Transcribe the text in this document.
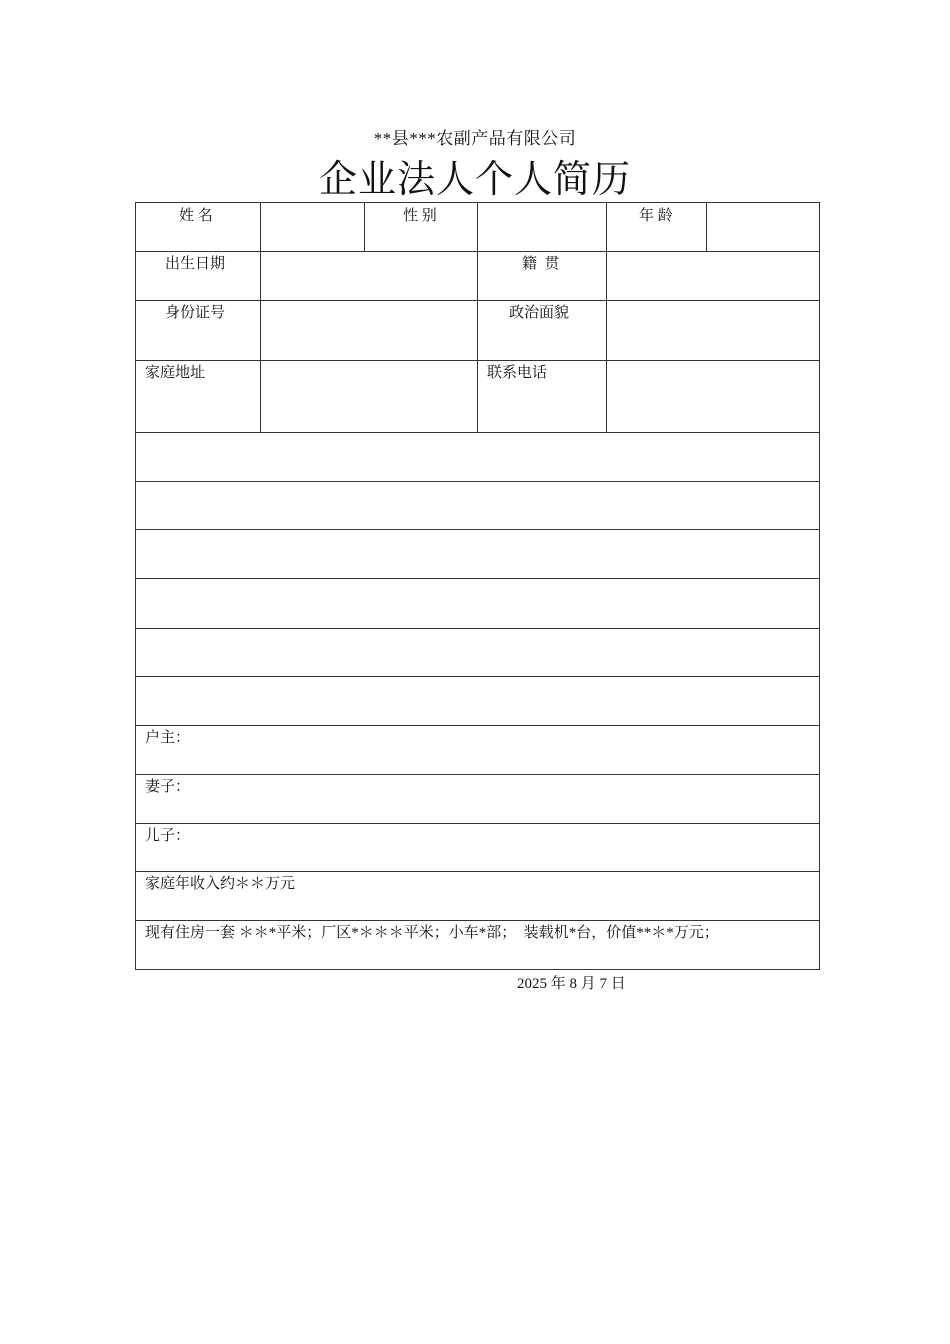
**县***农副产品有限公司
企业法人个人简历
姓 名	性 别	年 龄
出生日期	籍  贯
身份证号	政治面貌
家庭地址	联系电话
户主：
妻子：
儿子：
家庭年收入约＊＊万元
现有住房一套 ＊＊*平米；厂区*＊＊＊平米；小车*部；  装载机*台，价值**＊*万元；
2025 年 8 月 7 日
